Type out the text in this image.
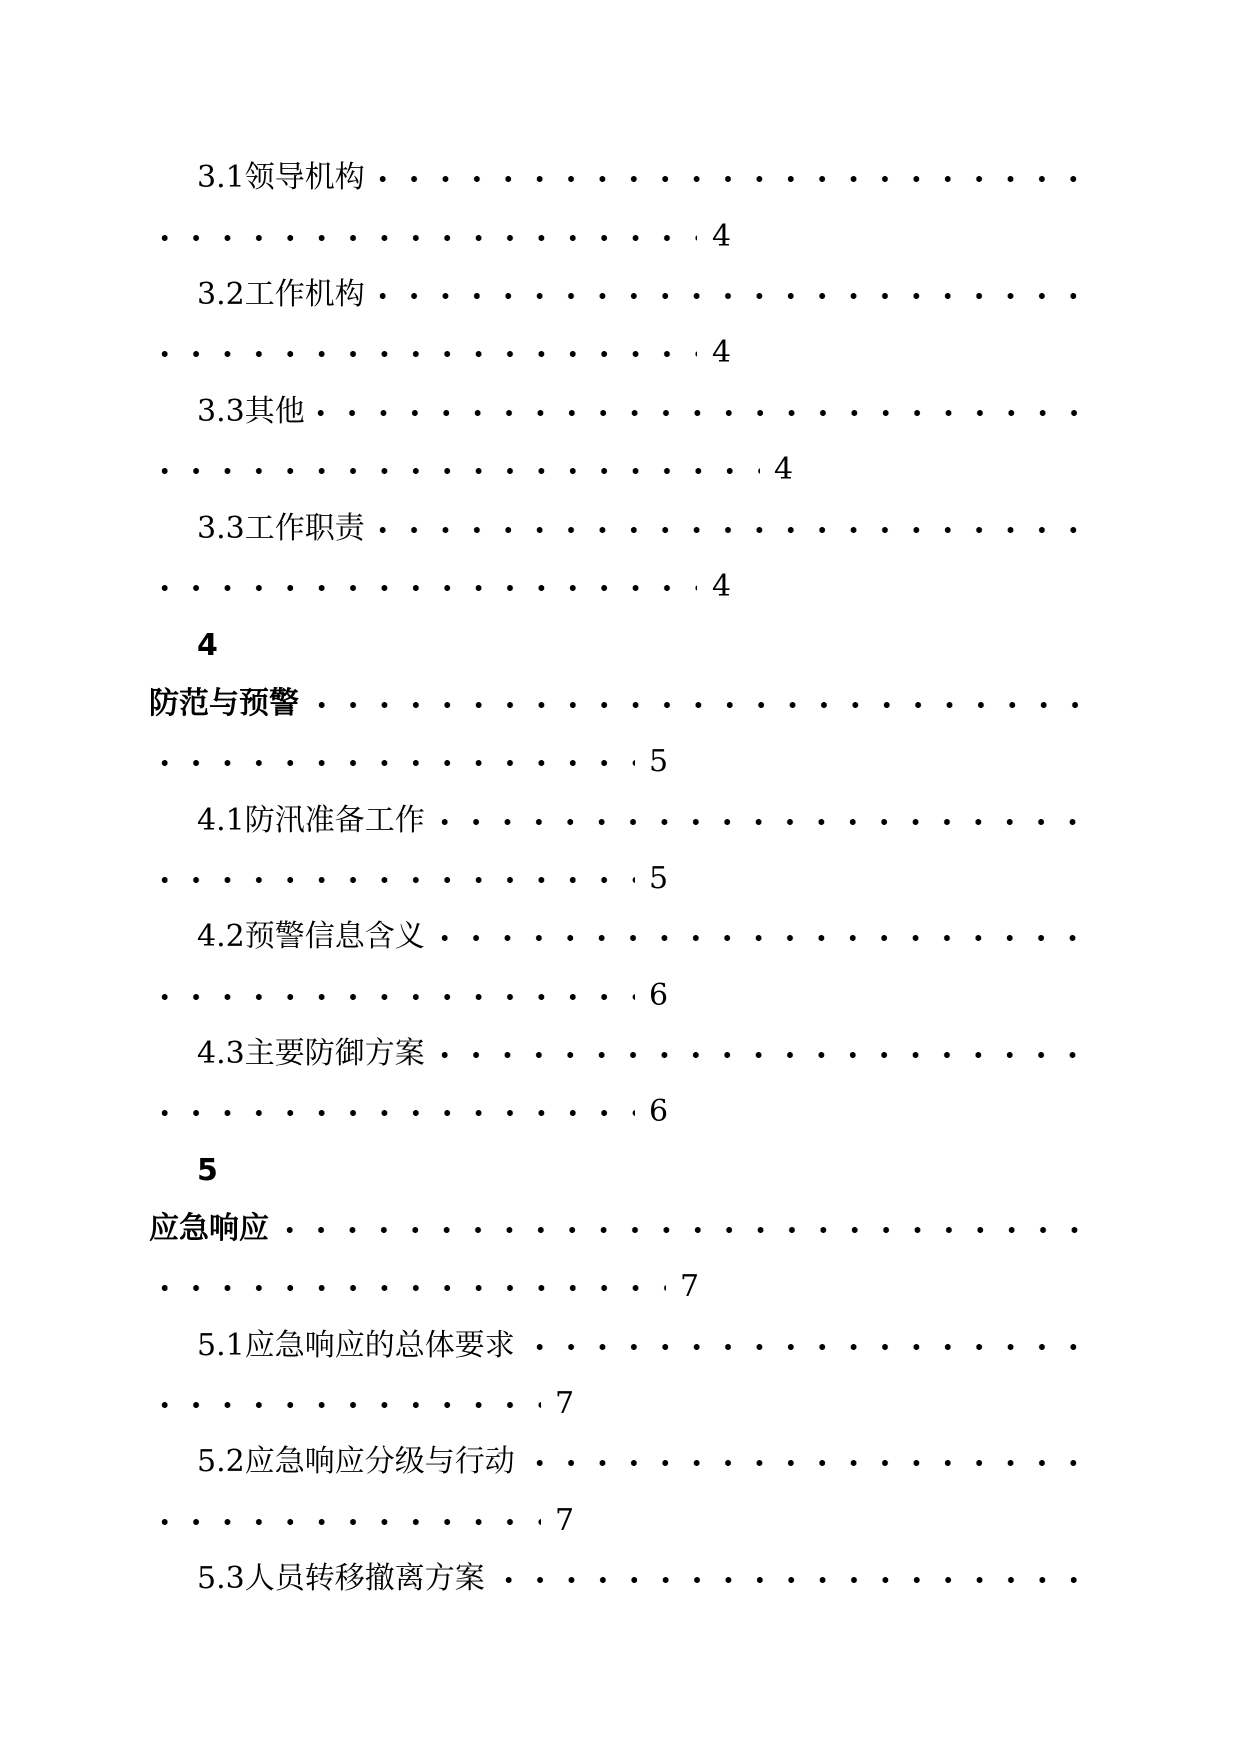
3.1领导机构
4
3.2工作机构
4
3.3其他
4
3.3工作职责
4
4
防范与预警
5
4.1防汛准备工作
5
4.2预警信息含义
6
4.3主要防御方案
6
5
应急响应
7
5.1应急响应的总体要求
7
5.2应急响应分级与行动
7
5.3人员转移撤离方案
